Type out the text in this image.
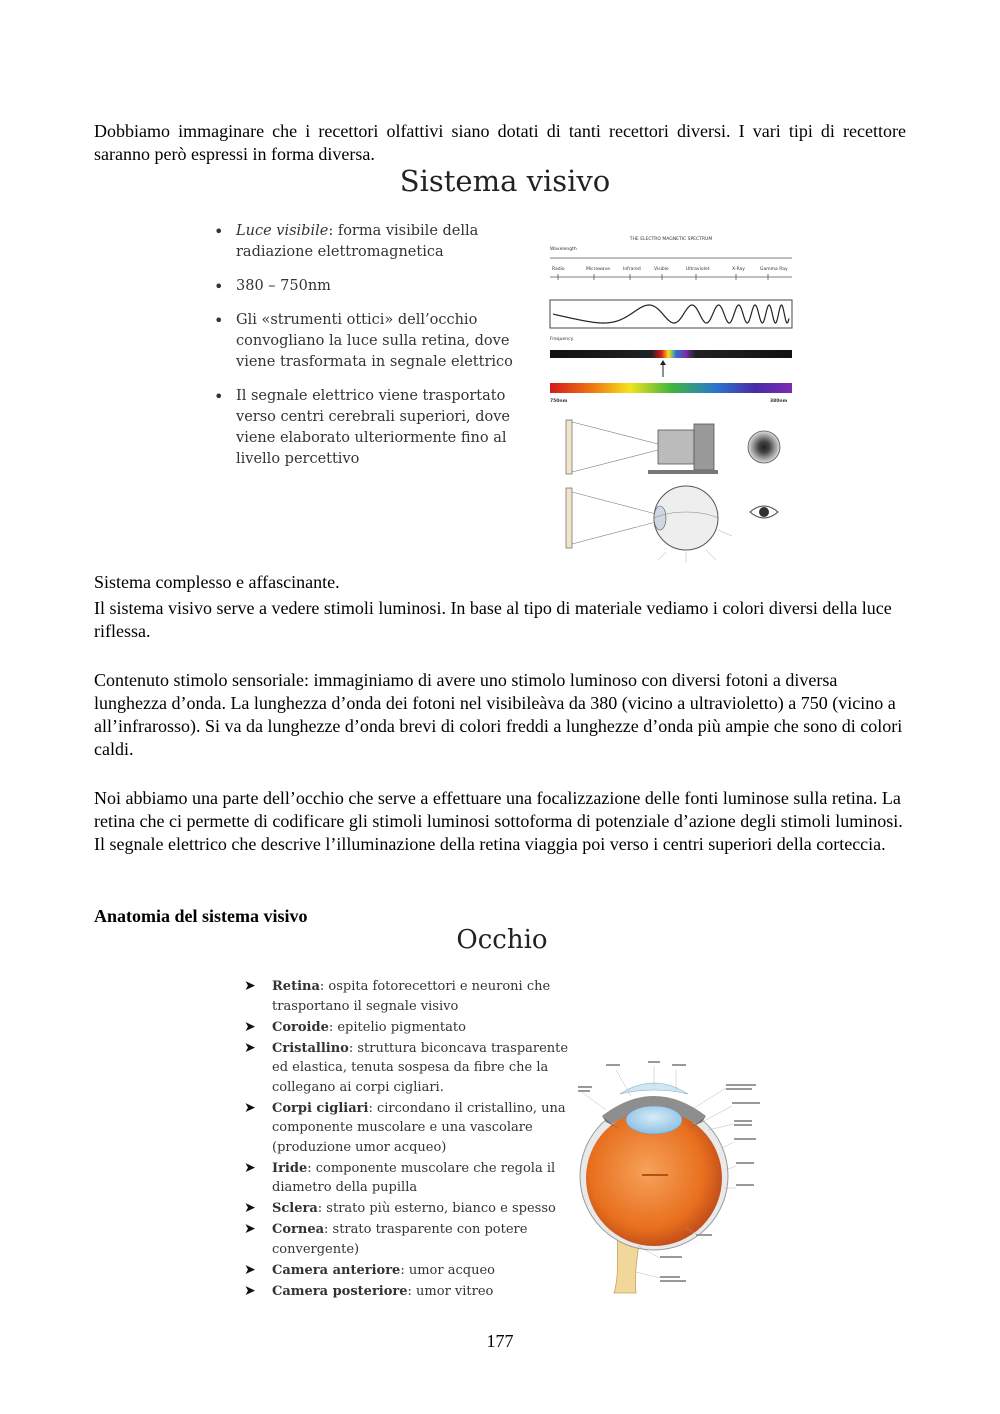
Dobbiamo immaginare che i recettori olfattivi siano dotati di tanti recettori diversi. I vari tipi di recettore saranno però espressi in forma diversa.

Sistema visivo
• Luce visibile: forma visibile della radiazione elettromagnetica
• 380 – 750nm
• Gli «strumenti ottici» dell’occhio convogliano la luce sulla retina, dove viene trasformata in segnale elettrico
• Il segnale elettrico viene trasportato verso centri cerebrali superiori, dove viene elaborato ulteriormente fino al livello percettivo
THE ELECTRO MAGNETIC SPECTRUM
Wavelength
Radio	Microwave	Infrared	Visible	Ultraviolet	X-Ray	Gamma Ray
Frequency
750nm	380nm

Sistema complesso e affascinante.

Il sistema visivo serve a vedere stimoli luminosi. In base al tipo di materiale vediamo i colori diversi della luce riflessa.

Contenuto stimolo sensoriale: immaginiamo di avere uno stimolo luminoso con diversi fotoni a diversa lunghezza d’onda. La lunghezza d’onda dei fotoni nel visibileàva da 380 (vicino a ultravioletto) a 750 (vicino a all’infrarosso). Si va da lunghezze d’onda brevi di colori freddi a lunghezze d’onda più ampie che sono di colori caldi.

Noi abbiamo una parte dell’occhio che serve a effettuare una focalizzazione delle fonti luminose sulla retina. La retina che ci permette di codificare gli stimoli luminosi sottoforma di potenziale d’azione degli stimoli luminosi. Il segnale elettrico che descrive l’illuminazione della retina viaggia poi verso i centri superiori della corteccia.

Anatomia del sistema visivo

Occhio
➤ Retina: ospita fotorecettori e neuroni che trasportano il segnale visivo
➤ Coroide: epitelio pigmentato
➤ Cristallino: struttura biconcava trasparente ed elastica, tenuta sospesa da fibre che la collegano ai corpi cigliari.
➤ Corpi cigliari: circondano il cristallino, una componente muscolare e una vascolare (produzione umor acqueo)
➤ Iride: componente muscolare che regola il diametro della pupilla
➤ Sclera: strato più esterno, bianco e spesso
➤ Cornea: strato trasparente con potere convergente)
➤ Camera anteriore: umor acqueo
➤ Camera posteriore: umor vitreo
177
